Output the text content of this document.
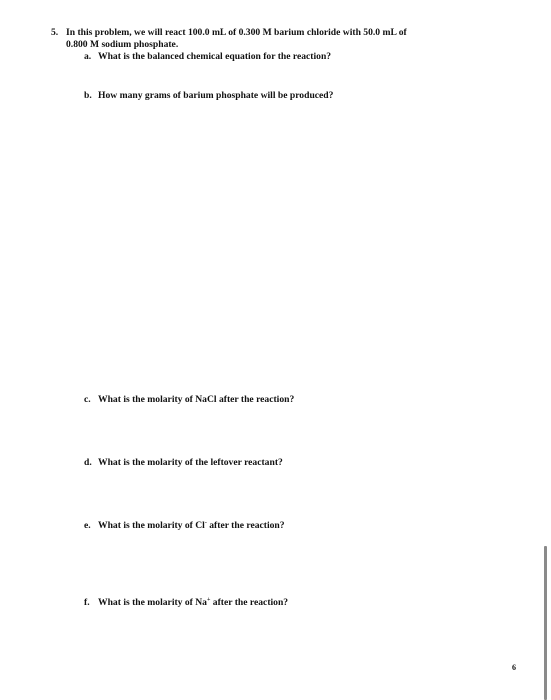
5. In this problem, we will react 100.0 mL of 0.300 M barium chloride with 50.0 mL of
0.800 M sodium phosphate.
a. What is the balanced chemical equation for the reaction?
b. How many grams of barium phosphate will be produced?
c. What is the molarity of NaCl after the reaction?
d. What is the molarity of the leftover reactant?
e. What is the molarity of Cl- after the reaction?
f. What is the molarity of Na+ after the reaction?
6
